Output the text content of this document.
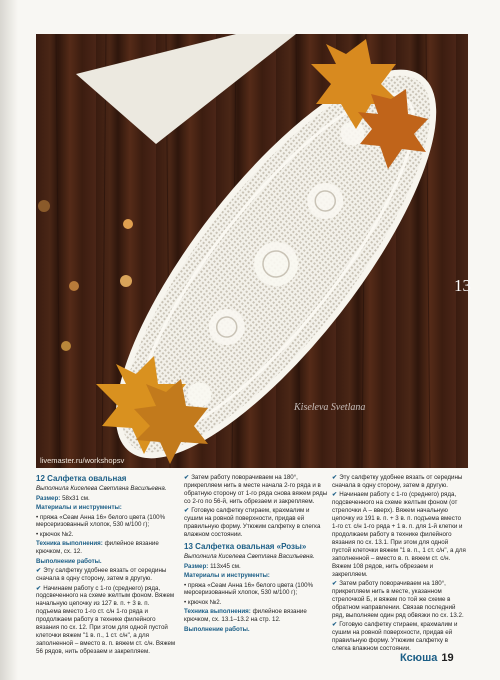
13
Kiseleva Svetlana
livemaster.ru/workshopsv
12 Салфетка овальная

Выполнила Киселева Светлана Васильевна.

Размер: 58х31 см.

Материалы и инструменты:

• пряжа «Сеам Анна 16» белого цвета (100% мерсеризованный хлопок, 530 м/100 г);

• крючок №2.

Техника выполнения: филейное вязание крючком, сх. 12.

Выполнение работы.

✔ Эту салфетку удобнее вязать от середины сначала в одну сторону, затем в другую.

✔ Начинаем работу с 1-го (среднего) ряда, подсвеченного на схеме желтым фоном. Вяжем начальную цепочку из 127 в. п. + 3 в. п. подъема вместо 1-го ст. с/н 1-го ряда и продолжаем работу в технике филейного вязания по сх. 12. При этом для одной пустой клеточки вяжем "1 в. п., 1 ст. с/н", а для заполненной – вместо в. п. вяжем ст. с/н. Вяжем 56 рядов, нить обрезаем и закрепляем.

✔ Затем работу поворачиваем на 180°, прикрепляем нить в месте начала 2-го ряда и в обратную сторону от 1-го ряда снова вяжем ряды со 2-го по 56-й, нить обрезаем и закрепляем.

✔ Готовую салфетку стираем, крахмалим и сушим на ровной поверхности, придав ей правильную форму. Утюжим салфетку в слегка влажном состоянии.

13 Салфетка овальная «Розы»

Выполнила Киселева Светлана Васильевна.

Размер: 113х45 см.

Материалы и инструменты:

• пряжа «Сеам Анна 16» белого цвета (100% мерсеризованный хлопок, 530 м/100 г);

• крючок №2.

Техника выполнения: филейное вязание крючком, сх. 13.1–13.2 на стр. 12.

Выполнение работы.

✔ Эту салфетку удобнее вязать от середины сначала в одну сторону, затем в другую.

✔ Начинаем работу с 1-го (среднего) ряда, подсвеченного на схеме желтым фоном (от стрелочки А – вверх). Вяжем начальную цепочку из 191 в. п. + 3 в. п. подъема вместо 1-го ст. с/н 1-го ряда + 1 в. п. для 1-й клетки и продолжаем работу в технике филейного вязания по сх. 13.1. При этом для одной пустой клеточки вяжем "1 в. п., 1 ст. с/н", а для заполненной – вместо в. п. вяжем ст. с/н. Вяжем 108 рядов, нить обрезаем и закрепляем.

✔ Затем работу поворачиваем на 180°, прикрепляем нить в месте, указанном стрелочкой Б, и вяжем по той же схеме в обратном направлении. Связав последний ряд, выполняем один ряд обвязки по сх. 13.2.

✔ Готовую салфетку стираем, крахмалим и сушим на ровной поверхности, придав ей правильную форму. Утюжим салфетку в слегка влажном состоянии.

Ксюша 19
